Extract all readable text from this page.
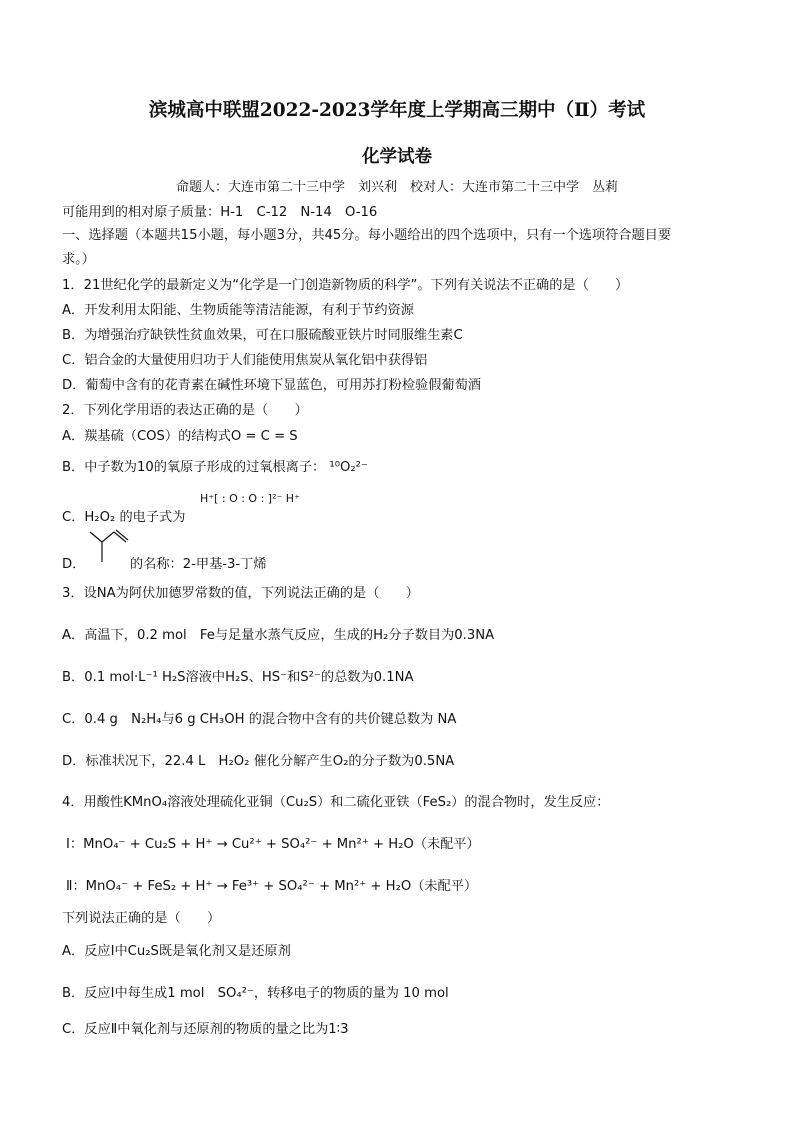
滨城高中联盟2022-2023学年度上学期高三期中（Ⅱ）考试
化学试卷
命题人：大连市第二十三中学　刘兴利　校对人：大连市第二十三中学　丛莉
可能用到的相对原子质量：H-1　C-12　N-14　O-16
一、选择题（本题共15小题，每小题3分，共45分。每小题给出的四个选项中，只有一个选项符合题目要
求。）
1．21世纪化学的最新定义为“化学是一门创造新物质的科学”。下列有关说法不正确的是（　　）
A．开发利用太阳能、生物质能等清洁能源，有利于节约资源
B．为增强治疗缺铁性贫血效果，可在口服硫酸亚铁片时同服维生素C
C．铝合金的大量使用归功于人们能使用焦炭从氧化铝中获得铝
D．葡萄中含有的花青素在碱性环境下显蓝色，可用苏打粉检验假葡萄酒
2．下列化学用语的表达正确的是（　　）
A．羰基硫（COS）的结构式O = C = S
B．中子数为10的氧原子形成的过氧根离子： ¹⁰O₂²⁻
C．H₂O₂ 的电子式为
H⁺[ : O : O : ]²⁻ H⁺
D．	的名称：2-甲基-3-丁烯
3．设NA为阿伏加德罗常数的值，下列说法正确的是（　　）
A．高温下，0.2 mol　Fe与足量水蒸气反应，生成的H₂分子数目为0.3NA
B．0.1 mol·L⁻¹ H₂S溶液中H₂S、HS⁻和S²⁻的总数为0.1NA
C．0.4 g　N₂H₄与6 g CH₃OH 的混合物中含有的共价键总数为 NA
D．标准状况下，22.4 L　H₂O₂ 催化分解产生O₂的分子数为0.5NA
4．用酸性KMnO₄溶液处理硫化亚铜（Cu₂S）和二硫化亚铁（FeS₂）的混合物时，发生反应：
Ⅰ：MnO₄⁻ + Cu₂S + H⁺ → Cu²⁺ + SO₄²⁻ + Mn²⁺ + H₂O（未配平）
Ⅱ：MnO₄⁻ + FeS₂ + H⁺ → Fe³⁺ + SO₄²⁻ + Mn²⁺ + H₂O（未配平）
下列说法正确的是（　　）
A．反应Ⅰ中Cu₂S既是氧化剂又是还原剂
B．反应Ⅰ中每生成1 mol　SO₄²⁻，转移电子的物质的量为 10 mol
C．反应Ⅱ中氧化剂与还原剂的物质的量之比为1∶3
